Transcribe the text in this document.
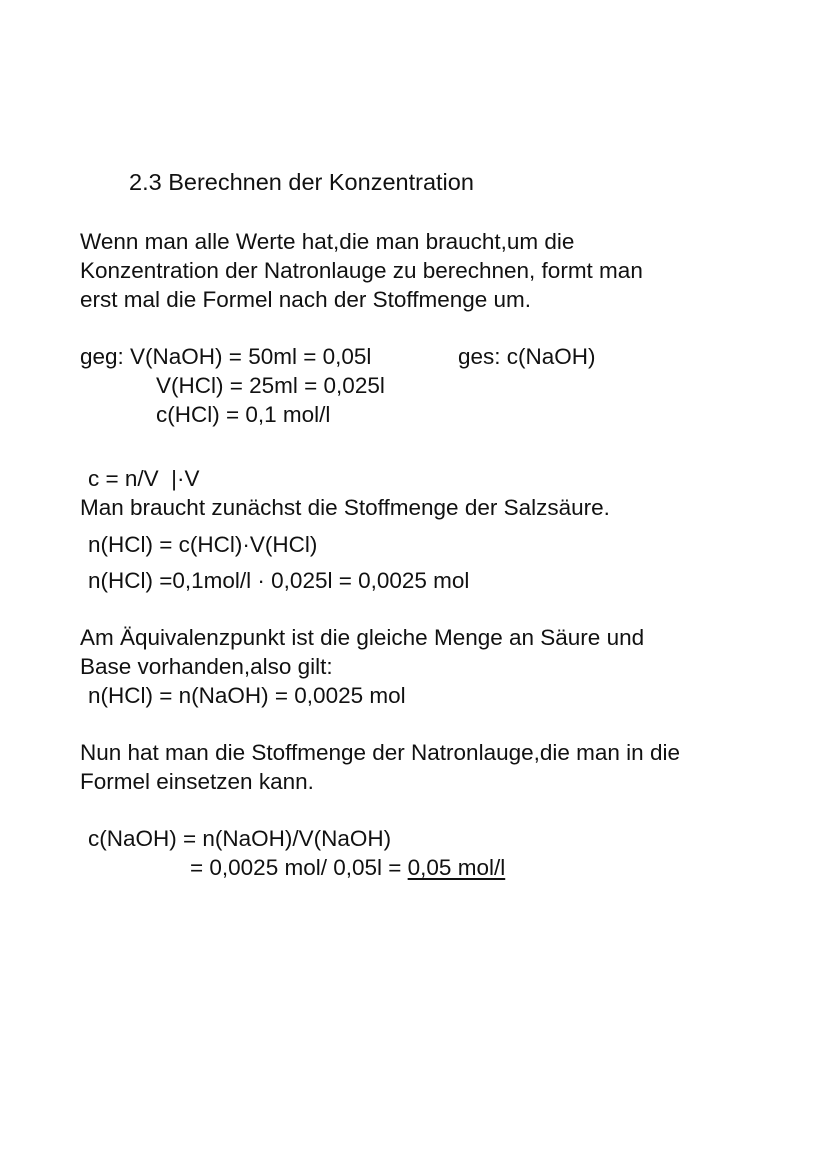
2.3 Berechnen der Konzentration

Wenn man alle Werte hat,die man braucht,um die

Konzentration der Natronlauge zu berechnen, formt man

erst mal die Formel nach der Stoffmenge um.

geg: V(NaOH) = 50ml = 0,05l	ges: c(NaOH)

V(HCl) = 25ml = 0,025l

c(HCl) = 0,1 mol/l

c = n/V  |·V

Man braucht zunächst die Stoffmenge der Salzsäure.

n(HCl) = c(HCl)·V(HCl)

n(HCl) =0,1mol/l · 0,025l = 0,0025 mol

Am Äquivalenzpunkt ist die gleiche Menge an Säure und

Base vorhanden,also gilt:

n(HCl) = n(NaOH) = 0,0025 mol

Nun hat man die Stoffmenge der Natronlauge,die man in die

Formel einsetzen kann.

c(NaOH) = n(NaOH)/V(NaOH)

= 0,0025 mol/ 0,05l = 0,05 mol/l
